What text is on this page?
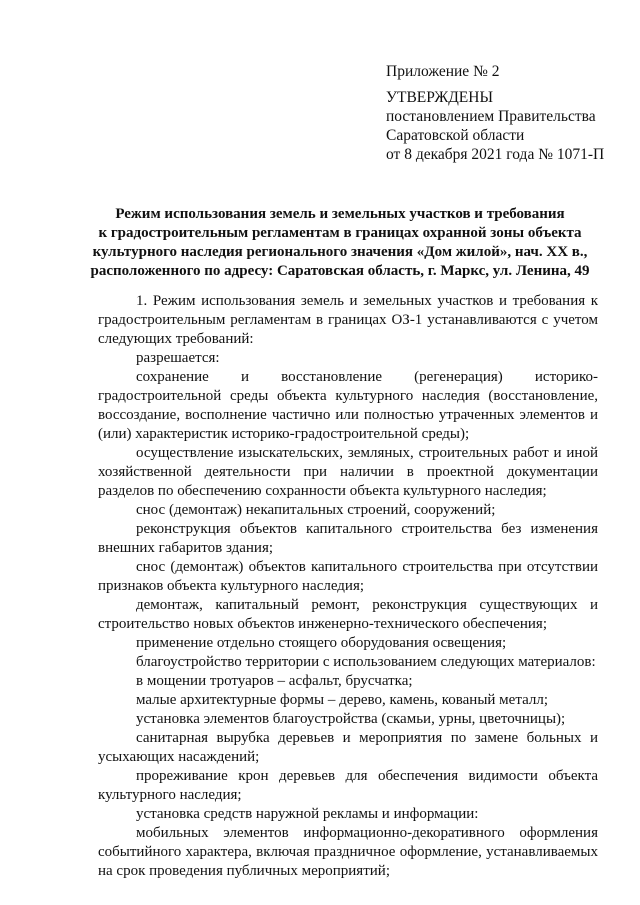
Приложение № 2
УТВЕРЖДЕНЫ
постановлением Правительства
Саратовской области
от 8 декабря 2021 года № 1071-П
Режим использования земель и земельных участков и требования
к градостроительным регламентам в границах охранной зоны объекта
культурного наследия регионального значения «Дом жилой», нач. XX в.,
расположенного по адресу: Саратовская область, г. Маркс, ул. Ленина, 49

1. Режим использования земель и земельных участков и требования к градостроительным регламентам в границах ОЗ-1 устанавливаются с учетом следующих требований:

разрешается:

сохранение и восстановление (регенерация) историко-градостроительной среды объекта культурного наследия (восстановление, воссоздание, восполнение частично или полностью утраченных элементов и (или) характеристик историко-градостроительной среды);

осуществление изыскательских, земляных, строительных работ и иной хозяйственной деятельности при наличии в проектной документации разделов по обеспечению сохранности объекта культурного наследия;

снос (демонтаж) некапитальных строений, сооружений;

реконструкция объектов капитального строительства без изменения внешних габаритов здания;

снос (демонтаж) объектов капитального строительства при отсутствии признаков объекта культурного наследия;

демонтаж, капитальный ремонт, реконструкция существующих и строительство новых объектов инженерно-технического обеспечения;

применение отдельно стоящего оборудования освещения;

благоустройство территории с использованием следующих материалов:

в мощении тротуаров – асфальт, брусчатка;

малые архитектурные формы – дерево, камень, кованый металл;

установка элементов благоустройства (скамьи, урны, цветочницы);

санитарная вырубка деревьев и мероприятия по замене больных и усыхающих насаждений;

прореживание крон деревьев для обеспечения видимости объекта культурного наследия;

установка средств наружной рекламы и информации:

мобильных элементов информационно-декоративного оформления событийного характера, включая праздничное оформление, устанавливаемых на срок проведения публичных мероприятий;
